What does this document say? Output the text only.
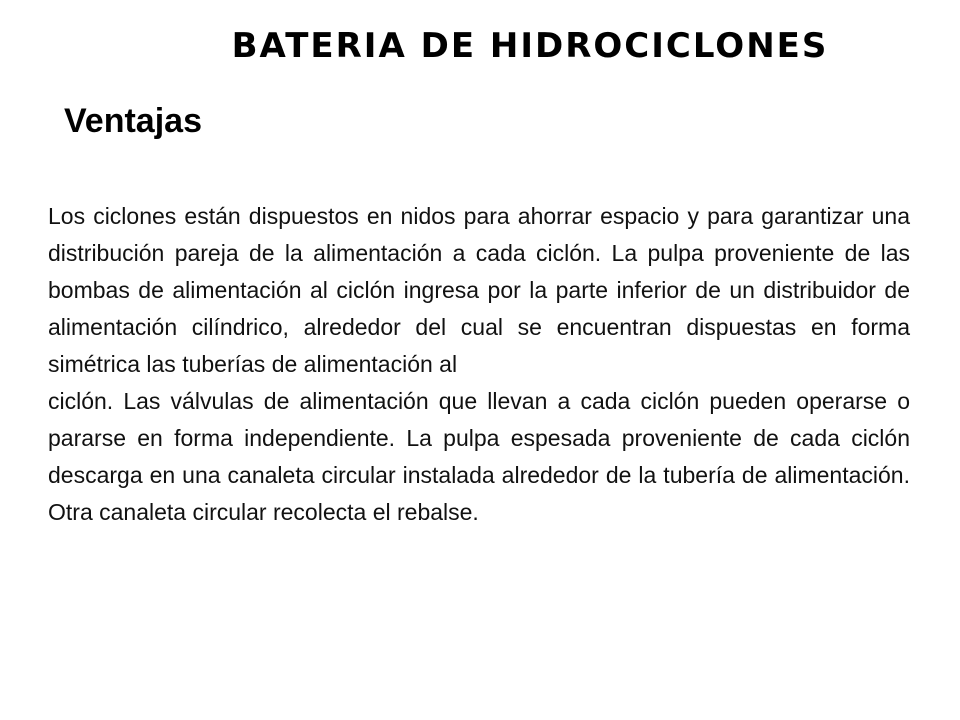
BATERIA DE HIDROCICLONES
Ventajas

Los ciclones están dispuestos en nidos para ahorrar espacio y para garantizar una distribución pareja de la alimentación a cada ciclón. La pulpa proveniente de las bombas de alimentación al ciclón ingresa por la parte inferior de un distribuidor de alimentación cilíndrico, alrededor del cual se encuentran dispuestas en forma simétrica las tuberías de alimentación al

ciclón. Las válvulas de alimentación que llevan a cada ciclón pueden operarse o pararse en forma independiente. La pulpa espesada proveniente de cada ciclón descarga en una canaleta circular instalada alrededor de la tubería de alimentación. Otra canaleta circular recolecta el rebalse.
